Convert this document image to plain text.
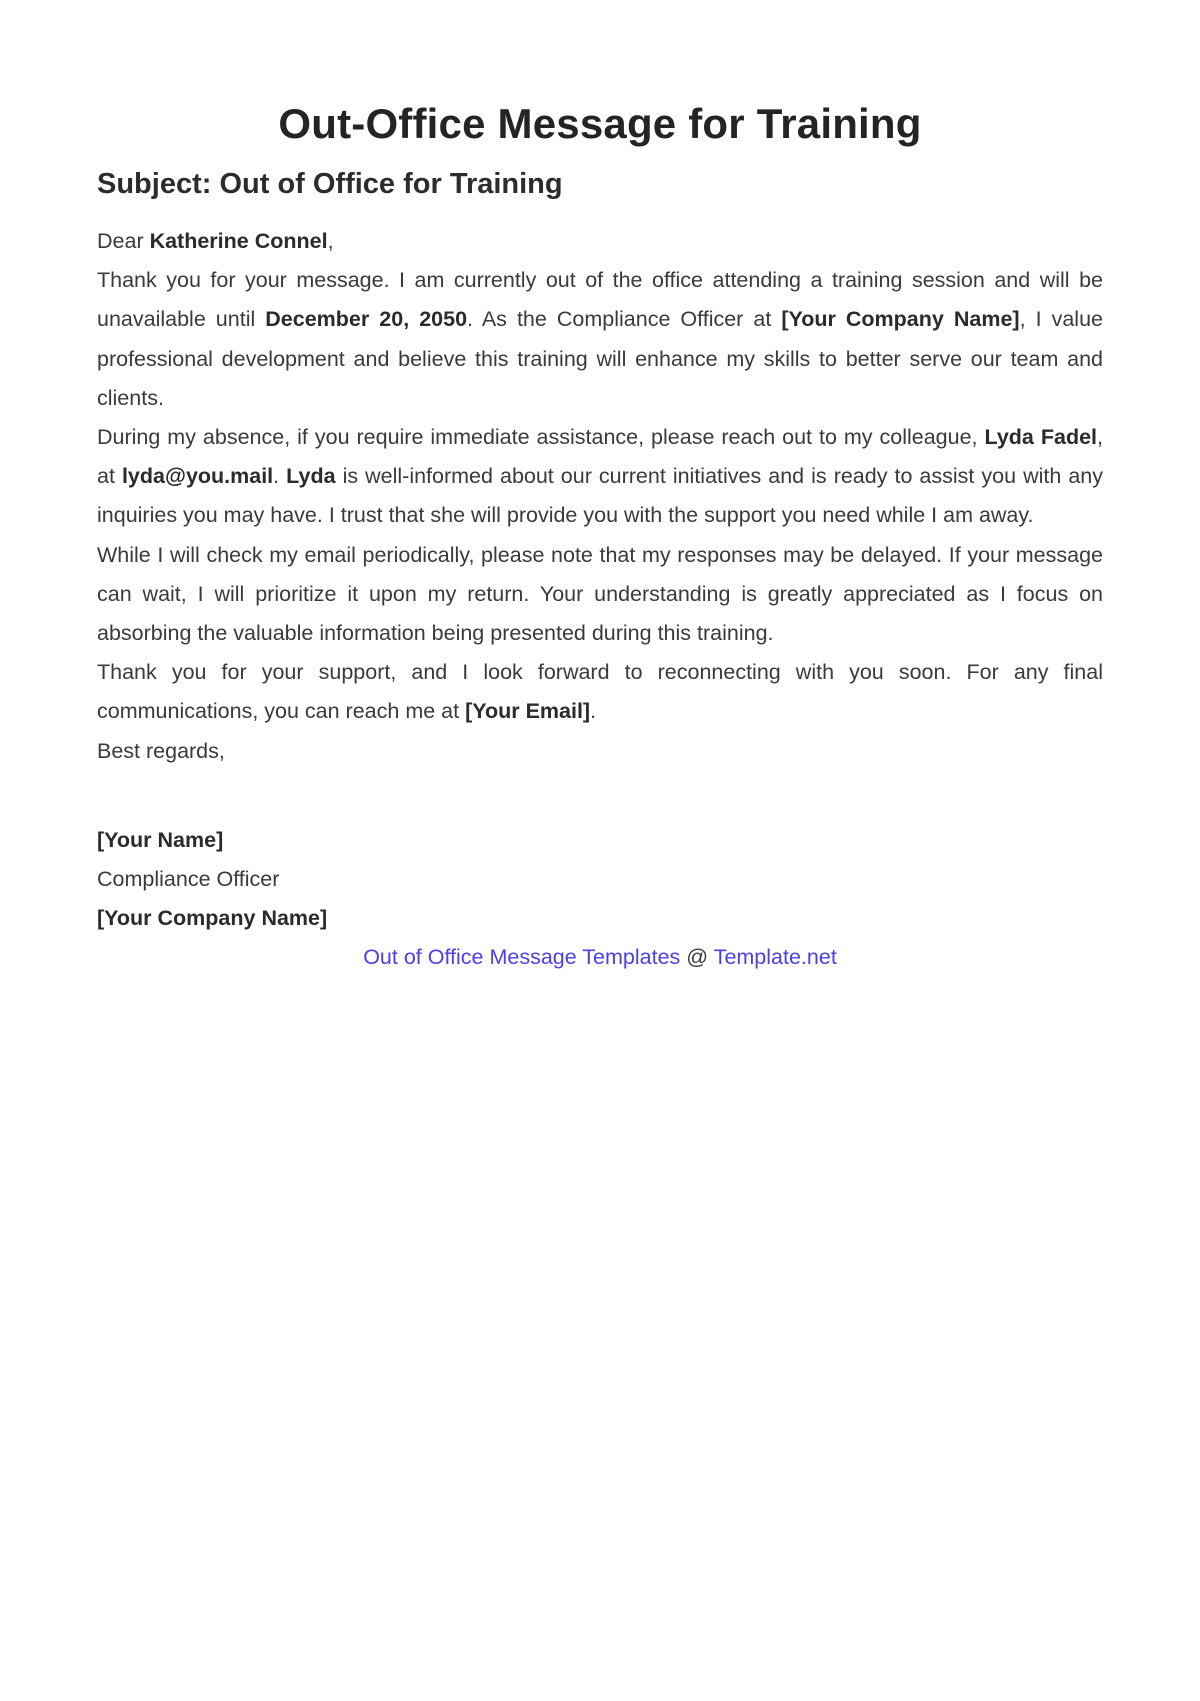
Out-Office Message for Training
Subject: Out of Office for Training

Dear Katherine Connel,

Thank you for your message. I am currently out of the office attending a training session and will be unavailable until December 20, 2050. As the Compliance Officer at [Your Company Name], I value professional development and believe this training will enhance my skills to better serve our team and clients.

During my absence, if you require immediate assistance, please reach out to my colleague, Lyda Fadel, at lyda@you.mail. Lyda is well-informed about our current initiatives and is ready to assist you with any inquiries you may have. I trust that she will provide you with the support you need while I am away.

While I will check my email periodically, please note that my responses may be delayed. If your message can wait, I will prioritize it upon my return. Your understanding is greatly appreciated as I focus on absorbing the valuable information being presented during this training.

Thank you for your support, and I look forward to reconnecting with you soon. For any final communications, you can reach me at [Your Email].

Best regards,

[Your Name]

Compliance Officer

[Your Company Name]

Out of Office Message Templates @ Template.net
